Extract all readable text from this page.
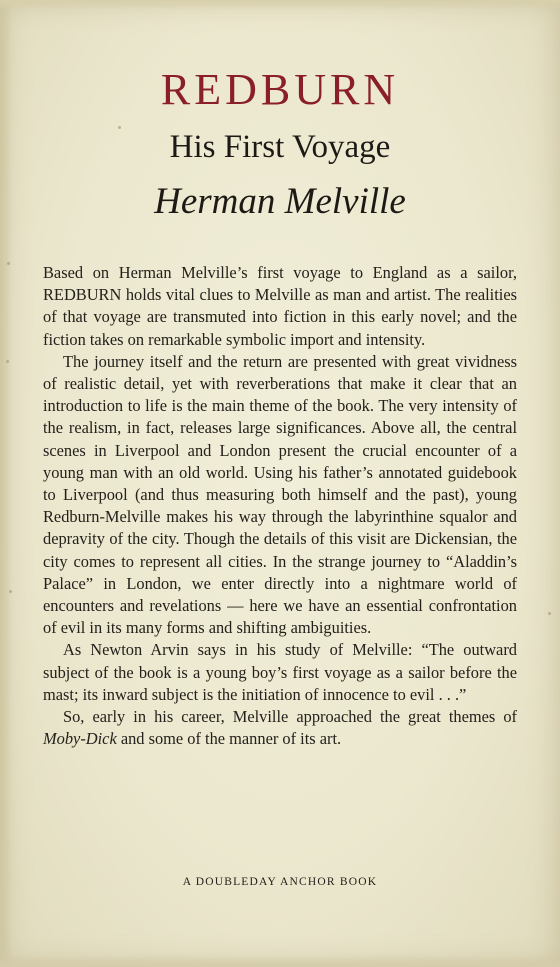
REDBURN
His First Voyage
Herman Melville

Based on Herman Melville’s first voyage to England as a sailor, REDBURN holds vital clues to Melville as man and artist. The realities of that voyage are transmuted into fiction in this early novel; and the fiction takes on remarkable symbolic import and intensity.

The journey itself and the return are presented with great vividness of realistic detail, yet with reverberations that make it clear that an introduction to life is the main theme of the book. The very intensity of the realism, in fact, releases large significances. Above all, the central scenes in Liverpool and London present the crucial encounter of a young man with an old world. Using his father’s annotated guidebook to Liverpool (and thus measuring both himself and the past), young Redburn-Melville makes his way through the labyrinthine squalor and depravity of the city. Though the details of this visit are Dickensian, the city comes to represent all cities. In the strange journey to “Aladdin’s Palace” in London, we enter directly into a nightmare world of encounters and revelations — here we have an essential confrontation of evil in its many forms and shifting ambiguities.

As Newton Arvin says in his study of Melville: “The outward subject of the book is a young boy’s first voyage as a sailor before the mast; its inward subject is the initiation of innocence to evil . . .”

So, early in his career, Melville approached the great themes of Moby-Dick and some of the manner of its art.

A DOUBLEDAY ANCHOR BOOK
